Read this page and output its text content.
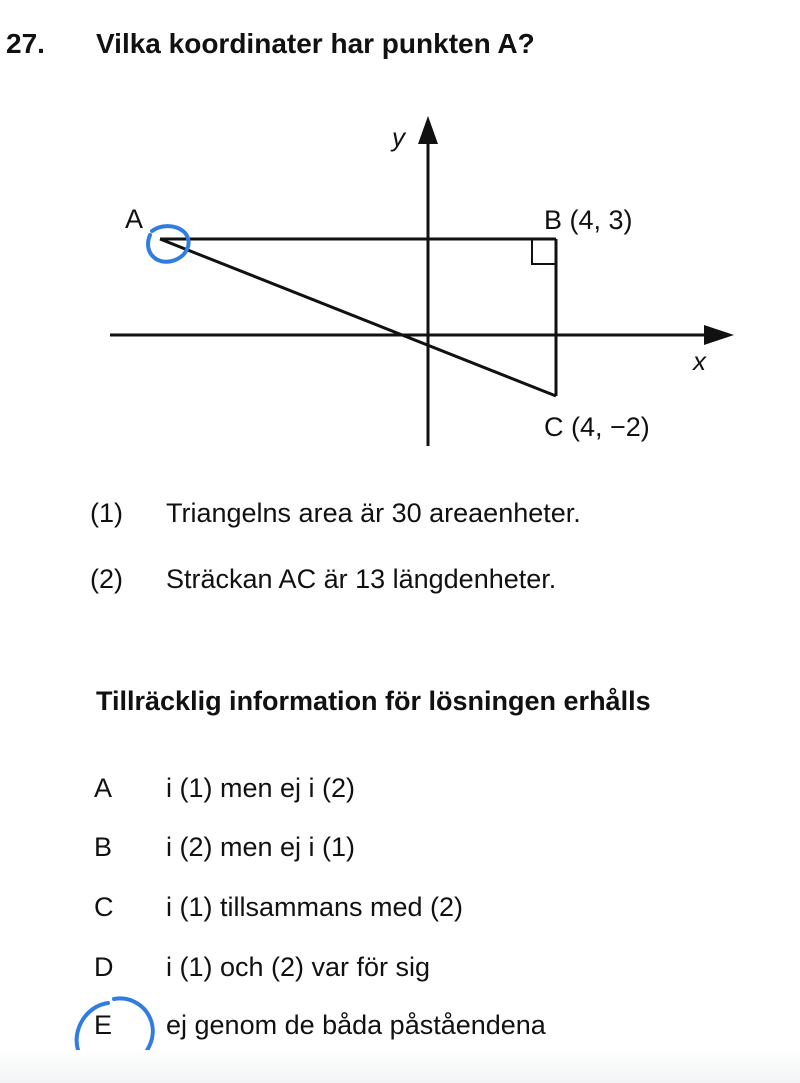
27. Vilka koordinater har punkten A?
y
x
A	B (4, 3)
C (4, −2)
(1) Triangelns area är 30 areaenheter.
(2) Sträckan AC är 13 längdenheter.
Tillräcklig information för lösningen erhålls
A i (1) men ej i (2)
B i (2) men ej i (1)
C i (1) tillsammans med (2)
D i (1) och (2) var för sig
E ej genom de båda påståendena
